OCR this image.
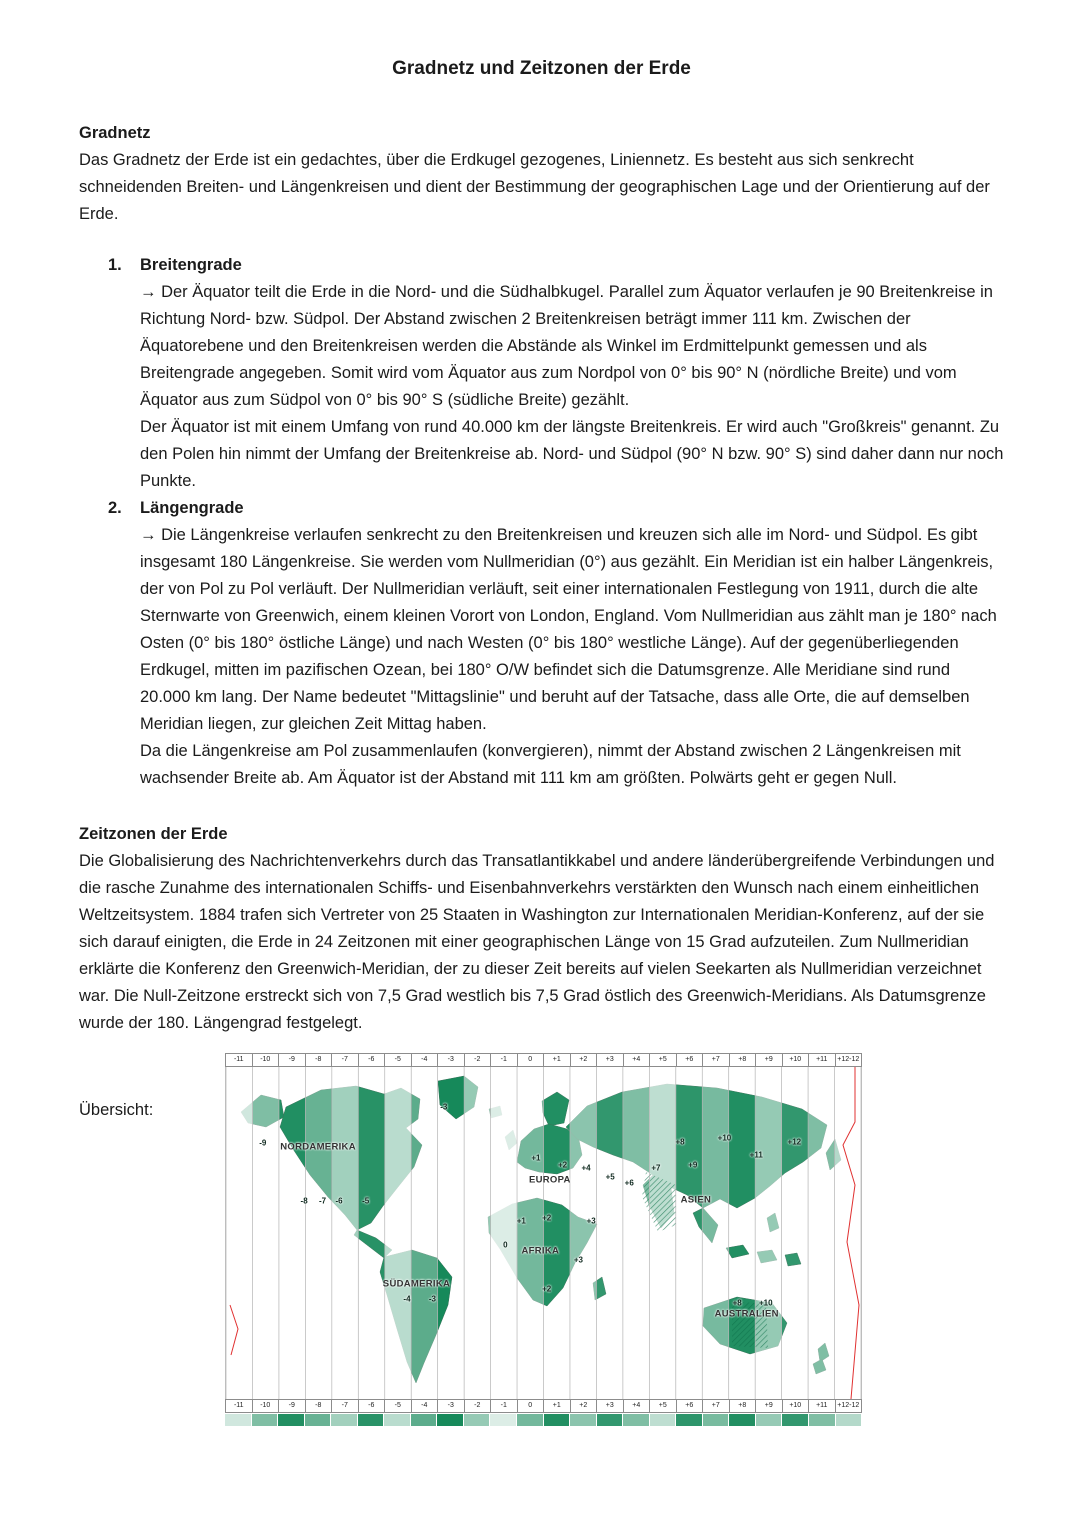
Gradnetz und Zeitzonen der Erde
Gradnetz

Das Gradnetz der Erde ist ein gedachtes, über die Erdkugel gezogenes, Liniennetz. Es besteht aus sich senkrecht schneidenden Breiten- und Längenkreisen und dient der Bestimmung der geographischen Lage und der Orientierung auf der Erde.

1.	Breitengrade

→ Der Äquator teilt die Erde in die Nord- und die Südhalbkugel. Parallel zum Äquator verlaufen je 90 Breitenkreise in Richtung Nord- bzw. Südpol. Der Abstand zwischen 2 Breitenkreisen beträgt immer 111 km. Zwischen der Äquatorebene und den Breitenkreisen werden die Abstände als Winkel im Erdmittelpunkt gemessen und als Breitengrade angegeben. Somit wird vom Äquator aus zum Nordpol von 0° bis 90° N (nördliche Breite) und vom Äquator aus zum Südpol von 0° bis 90° S (südliche Breite) gezählt.

Der Äquator ist mit einem Umfang von rund 40.000 km der längste Breitenkreis. Er wird auch "Großkreis" genannt. Zu den Polen hin nimmt der Umfang der Breitenkreise ab. Nord- und Südpol (90° N bzw. 90° S) sind daher dann nur noch Punkte.

2.	Längengrade

→ Die Längenkreise verlaufen senkrecht zu den Breitenkreisen und kreuzen sich alle im Nord- und Südpol. Es gibt insgesamt 180 Längenkreise. Sie werden vom Nullmeridian (0°) aus gezählt. Ein Meridian ist ein halber Längenkreis, der von Pol zu Pol verläuft. Der Nullmeridian verläuft, seit einer internationalen Festlegung von 1911, durch die alte Sternwarte von Greenwich, einem kleinen Vorort von London, England. Vom Nullmeridian aus zählt man je 180° nach Osten (0° bis 180° östliche Länge) und nach Westen (0° bis 180° westliche Länge). Auf der gegenüberliegenden Erdkugel, mitten im pazifischen Ozean, bei 180° O/W befindet sich die Datumsgrenze. Alle Meridiane sind rund 20.000 km lang. Der Name bedeutet "Mittagslinie" und beruht auf der Tatsache, dass alle Orte, die auf demselben Meridian liegen, zur gleichen Zeit Mittag haben.

Da die Längenkreise am Pol zusammenlaufen (konvergieren), nimmt der Abstand zwischen 2 Längenkreisen mit wachsender Breite ab. Am Äquator ist der Abstand mit 111 km am größten. Polwärts geht er gegen Null.

Zeitzonen der Erde

Die Globalisierung des Nachrichtenverkehrs durch das Transatlantikkabel und andere länderübergreifende Verbindungen und die rasche Zunahme des internationalen Schiffs- und Eisenbahnverkehrs verstärkten den Wunsch nach einem einheitlichen Weltzeitsystem. 1884 trafen sich Vertreter von 25 Staaten in Washington zur Internationalen Meridian-Konferenz, auf der sie sich darauf einigten, die Erde in 24 Zeitzonen mit einer geographischen Länge von 15 Grad aufzuteilen. Zum Nullmeridian erklärte die Konferenz den Greenwich-Meridian, der zu dieser Zeit bereits auf vielen Seekarten als Nullmeridian verzeichnet war. Die Null-Zeitzone erstreckt sich von 7,5 Grad westlich bis 7,5 Grad östlich des Greenwich-Meridians. Als Datumsgrenze wurde der 180. Längengrad festgelegt.

Übersicht:
-11	-10	-9	-8	-7	-6	-5	-4	-3	-2	-1	0	+1	+2	+3	+4	+5	+6	+7	+8	+9	+10	+11	+12-12
NORDAMERIKA
EUROPA
ASIEN
AFRIKA
SÜDAMERIKA
AUSTRALIEN
-9
-8 -7 -6 -5
-3
+1
+2 +4
+5
+6
+7	+9
+8	+10
+11
+12
+1 +2	+3
0
+3
-4 -3
+2
+8 +10
-11	-10	-9	-8	-7	-6	-5	-4	-3	-2	-1	0	+1	+2	+3	+4	+5	+6	+7	+8	+9	+10	+11	+12-12
